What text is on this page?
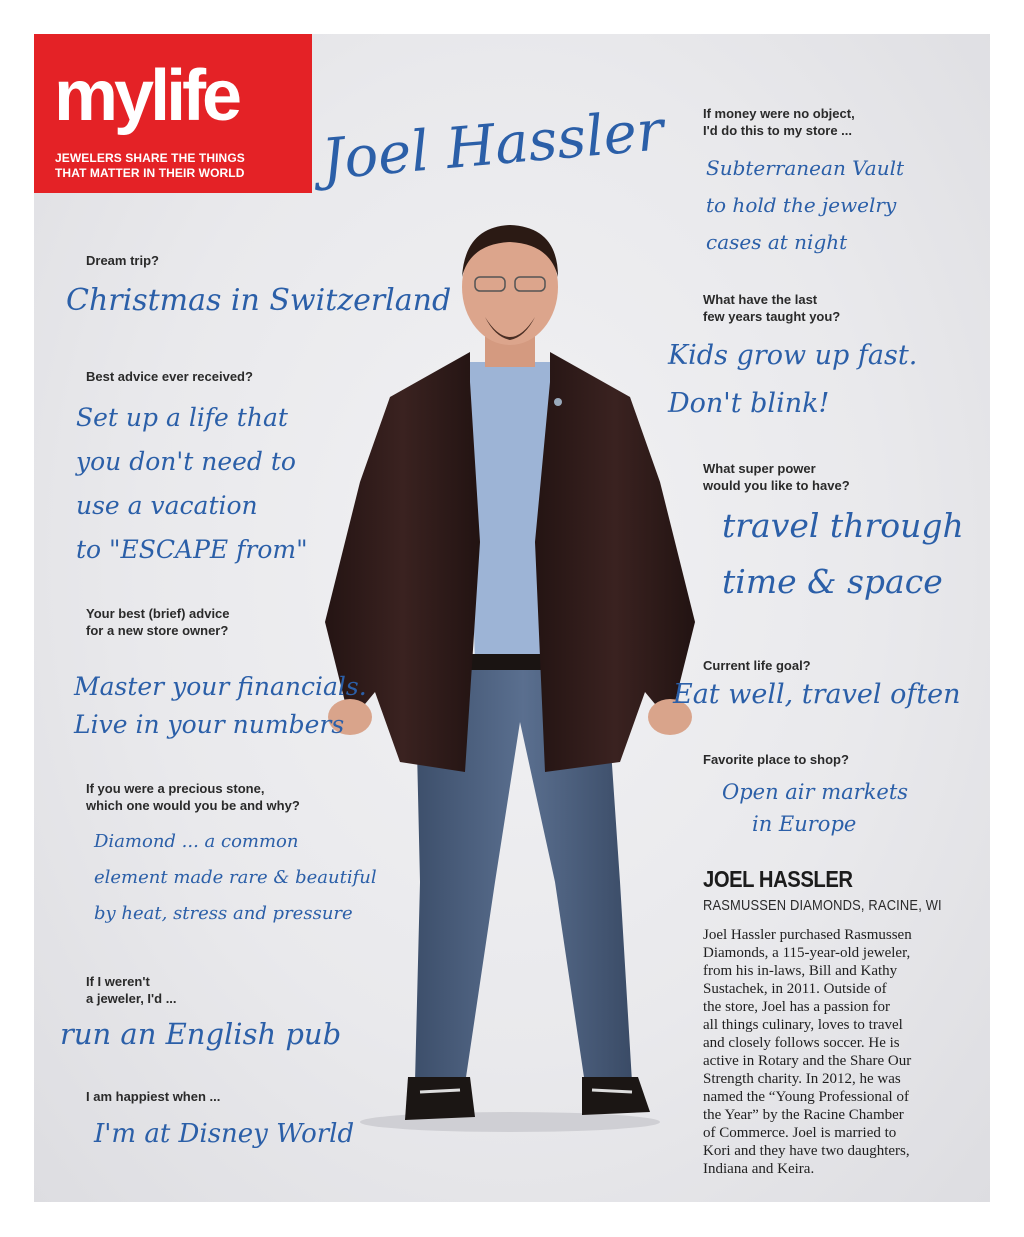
mylife
JEWELERS SHARE THE THINGS
THAT MATTER IN THEIR WORLD Joel Hassler
Dream trip?
Christmas in Switzerland
Best advice ever received?
Set up a life that
you don't need to
use a vacation
to "ESCAPE from"
Your best (brief) advice
for a new store owner?
Master your financials.
Live in your numbers
If you were a precious stone,
which one would you be and why?
Diamond ... a common
element made rare & beautiful
by heat, stress and pressure
If I weren't
a jeweler, I'd ...
run an English pub
I am happiest when ...
I'm at Disney World
If money were no object,
I'd do this to my store ...
Subterranean Vault
to hold the jewelry
cases at night
What have the last
few years taught you?
Kids grow up fast.
Don't blink!
What super power
would you like to have?
travel through
time & space
Current life goal?
Eat well, travel often
Favorite place to shop?
Open air markets
in Europe
JOEL HASSLER
RASMUSSEN DIAMONDS, RACINE, WI
Joel Hassler purchased Rasmussen
Diamonds, a 115-year-old jeweler,
from his in-laws, Bill and Kathy
Sustachek, in 2011. Outside of
the store, Joel has a passion for
all things culinary, loves to travel
and closely follows soccer. He is
active in Rotary and the Share Our
Strength charity. In 2012, he was
named the “Young Professional of
the Year” by the Racine Chamber
of Commerce. Joel is married to
Kori and they have two daughters,
Indiana and Keira.
